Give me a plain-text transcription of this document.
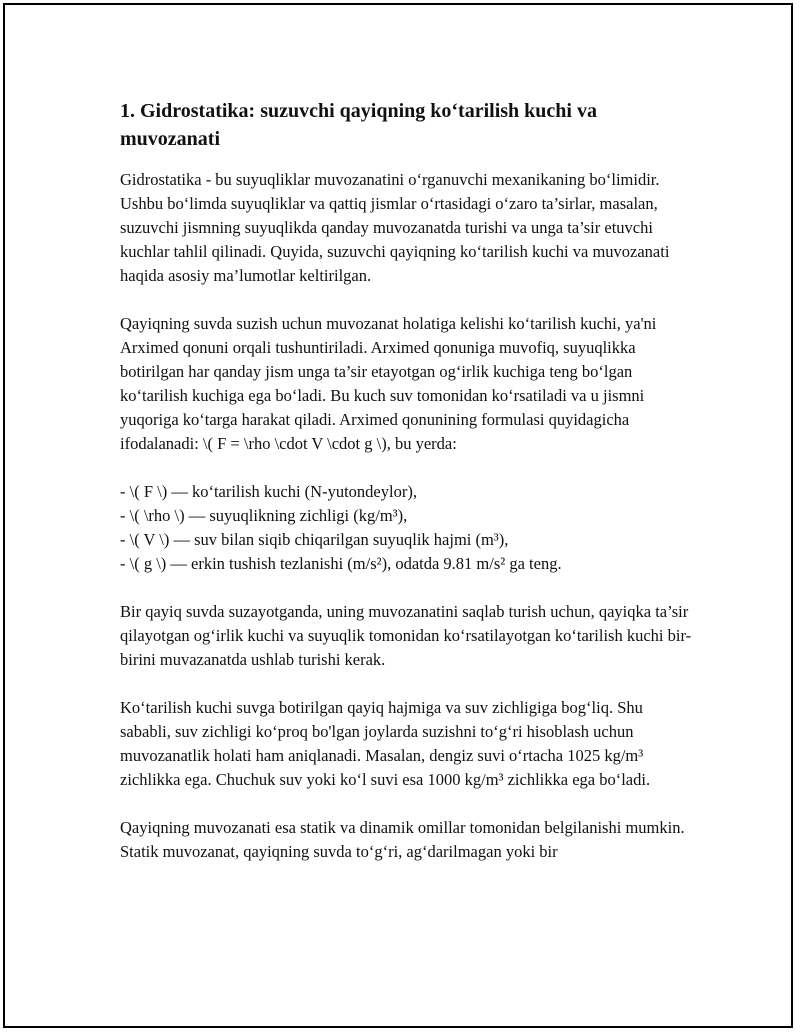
1. Gidrostatikа: suzuvchi qayiqning ko‘tarilish kuchi va muvozanati

Gidrostatika - bu suyuqliklar muvozanatini o‘rganuvchi mexanikaning bo‘limidir. Ushbu bo‘limda suyuqliklar va qattiq jismlar o‘rtasidagi o‘zaro ta’sirlar, masalan, suzuvchi jismning suyuqlikda qanday muvozanatda turishi va unga ta’sir etuvchi kuchlar tahlil qilinadi. Quyida, suzuvchi qayiqning ko‘tarilish kuchi va muvozanati haqida asosiy ma’lumotlar keltirilgan.

Qayiqning suvda suzish uchun muvozanat holatiga kelishi ko‘tarilish kuchi, ya'ni Arximed qonuni orqali tushuntiriladi. Arximed qonuniga muvofiq, suyuqlikka botirilgan har qanday jism unga ta’sir etayotgan og‘irlik kuchiga teng bo‘lgan ko‘tarilish kuchiga ega bo‘ladi. Bu kuch suv tomonidan ko‘rsatiladi va u jismni yuqoriga ko‘targa harakat qiladi. Arximed qonunining formulasi quyidagicha ifodalanadi: \( F = \rho \cdot V \cdot g \), bu yerda:

- \( F \) — ko‘tarilish kuchi (N-yutondeylor),
- \( \rho \) — suyuqlikning zichligi (kg/m³),
- \( V \) — suv bilan siqib chiqarilgan suyuqlik hajmi (m³),
- \( g \) — erkin tushish tezlanishi (m/s²), odatda 9.81 m/s² ga teng.

Bir qayiq suvda suzayotganda, uning muvozanatini saqlab turish uchun, qayiqka ta’sir qilayotgan og‘irlik kuchi va suyuqlik tomonidan ko‘rsatilayotgan ko‘tarilish kuchi bir-birini muvazanatda ushlab turishi kerak.

Ko‘tarilish kuchi suvga botirilgan qayiq hajmiga va suv zichligiga bog‘liq. Shu sababli, suv zichligi ko‘proq bo'lgan joylarda suzishni to‘g‘ri hisoblash uchun muvozanatlik holati ham aniqlanadi. Masalan, dengiz suvi o‘rtacha 1025 kg/m³ zichlikka ega. Chuchuk suv yoki ko‘l suvi esa 1000 kg/m³ zichlikka ega bo‘ladi.

Qayiqning muvozanati esa statik va dinamik omillar tomonidan belgilanishi mumkin. Statik muvozanat, qayiqning suvda to‘g‘ri, ag‘darilmagan yoki bir
